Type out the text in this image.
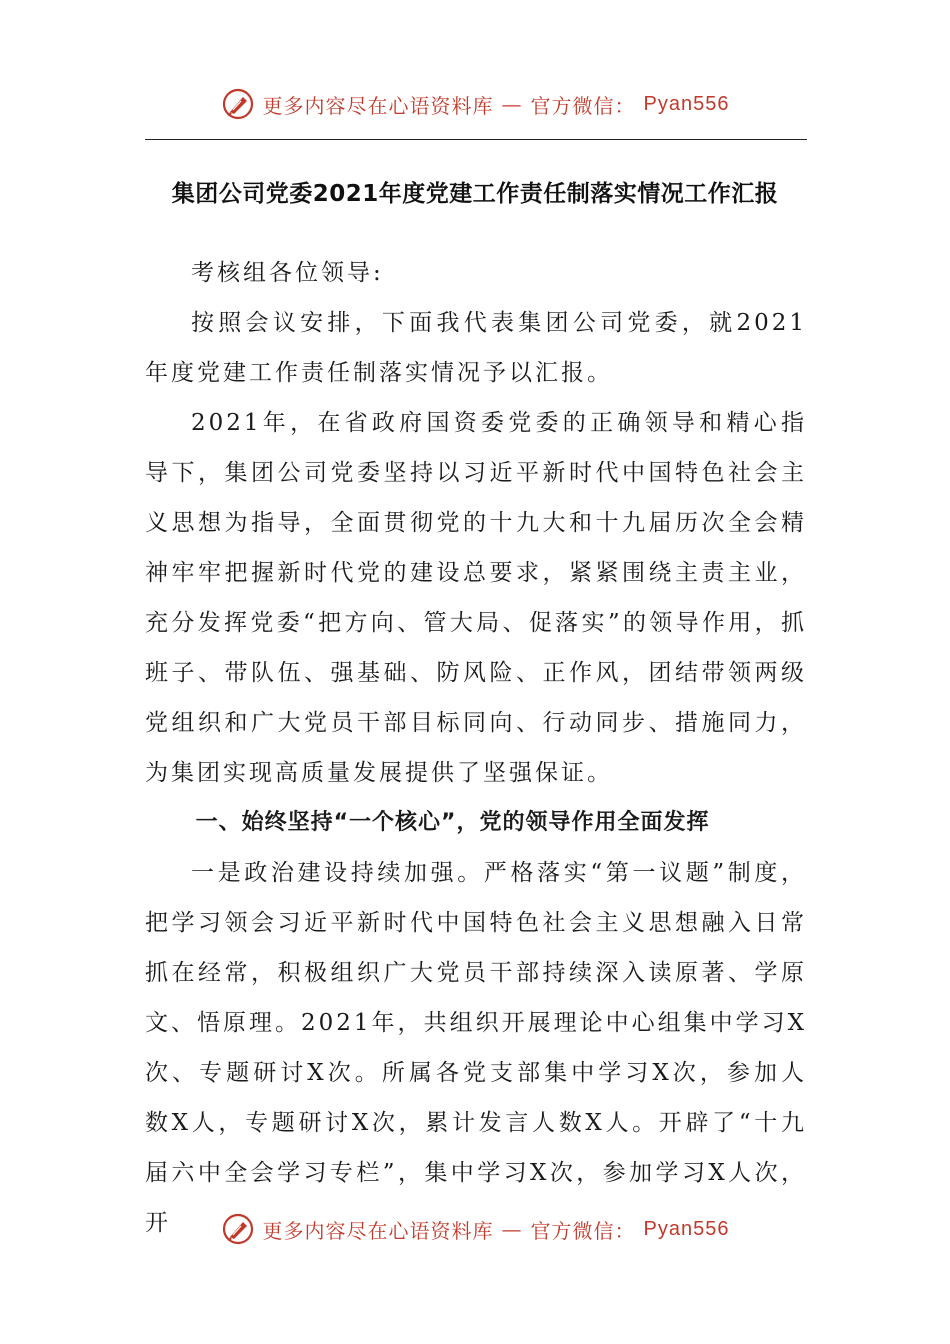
更多内容尽在心语资料库 — 官方微信： Pyan556
集团公司党委2021年度党建工作责任制落实情况工作汇报

考核组各位领导:

按照会议安排，下面我代表集团公司党委，就2021年度党建工作责任制落实情况予以汇报。

2021年，在省政府国资委党委的正确领导和精心指导下，集团公司党委坚持以习近平新时代中国特色社会主义思想为指导，全面贯彻党的十九大和十九届历次全会精神牢牢把握新时代党的建设总要求，紧紧围绕主责主业，充分发挥党委“把方向、管大局、促落实”的领导作用，抓班子、带队伍、强基础、防风险、正作风，团结带领两级党组织和广大党员干部目标同向、行动同步、措施同力，为集团实现高质量发展提供了坚强保证。

一、始终坚持“一个核心”，党的领导作用全面发挥

一是政治建设持续加强。严格落实“第一议题”制度，把学习领会习近平新时代中国特色社会主义思想融入日常抓在经常，积极组织广大党员干部持续深入读原著、学原文、悟原理。2021年，共组织开展理论中心组集中学习X次、专题研讨X次。所属各党支部集中学习X次，参加人数X人，专题研讨X次，累计发言人数X人。开辟了“十九届六中全会学习专栏”，集中学习X次，参加学习X人次，开	更多内容尽在心语资料库 — 官方微信： Pyan556
